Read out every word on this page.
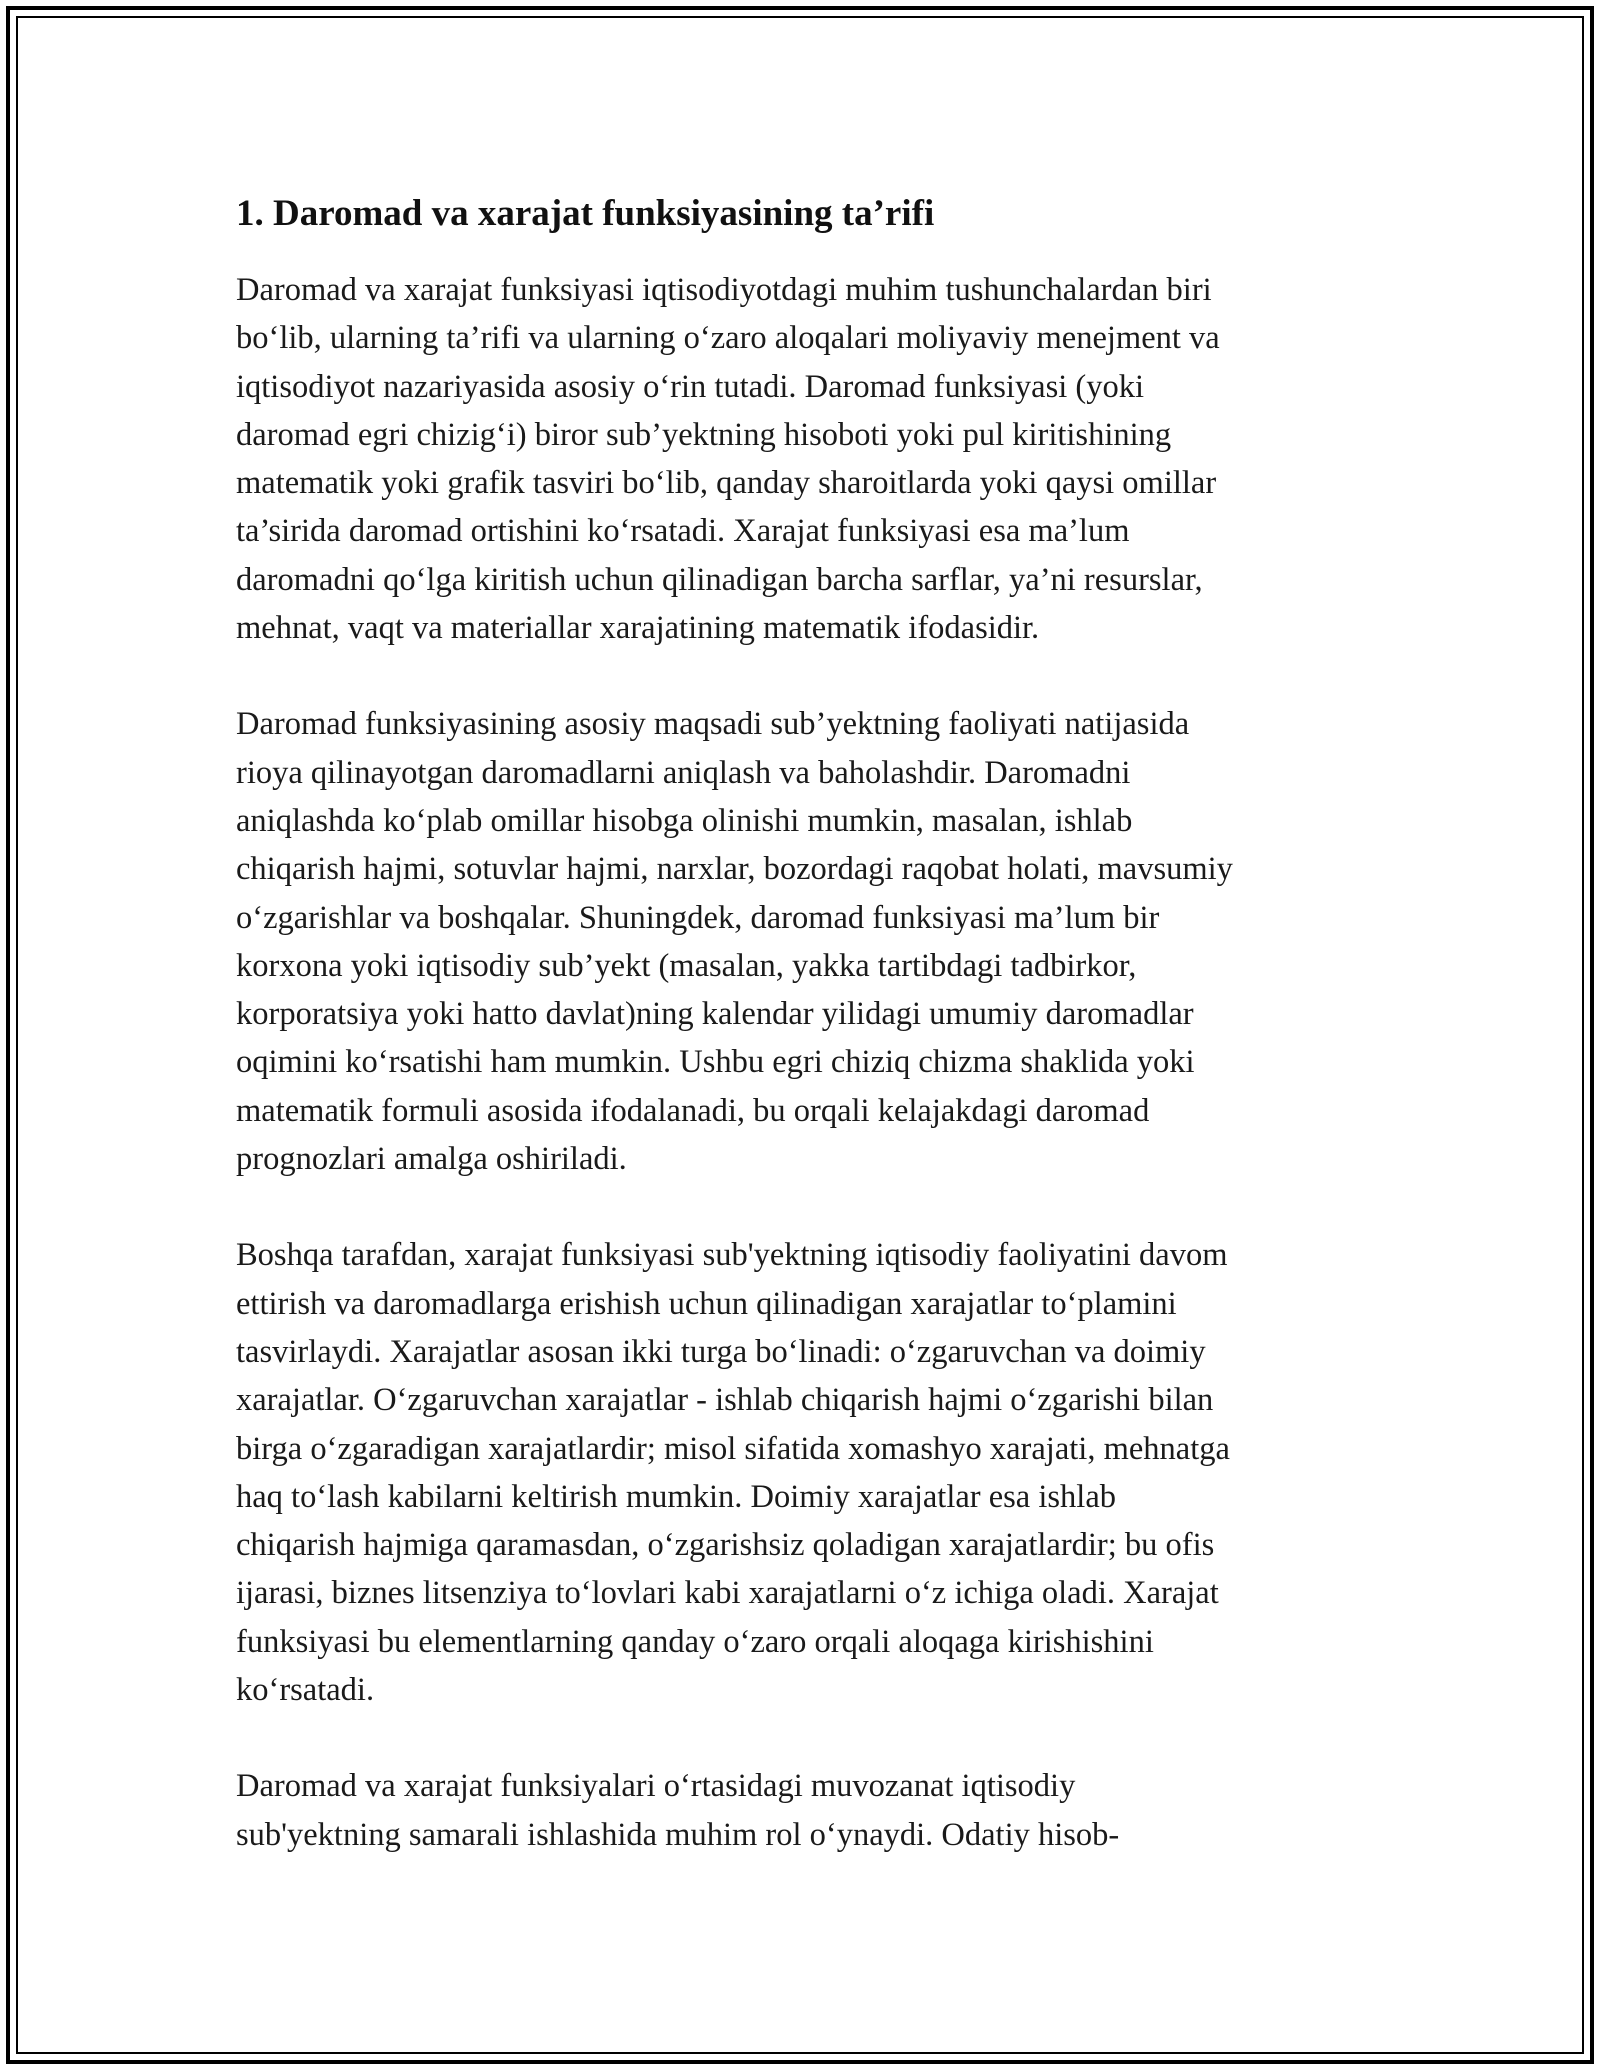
1. Daromad va xarajat funksiyasining ta’rifi
Daromad va xarajat funksiyasi iqtisodiyotdagi muhim tushunchalardan biri
bo‘lib, ularning ta’rifi va ularning o‘zaro aloqalari moliyaviy menejment va
iqtisodiyot nazariyasida asosiy o‘rin tutadi. Daromad funksiyasi (yoki
daromad egri chizig‘i) biror sub’yektning hisoboti yoki pul kiritishining
matematik yoki grafik tasviri bo‘lib, qanday sharoitlarda yoki qaysi omillar
ta’sirida daromad ortishini ko‘rsatadi. Xarajat funksiyasi esa ma’lum
daromadni qo‘lga kiritish uchun qilinadigan barcha sarflar, ya’ni resurslar,
mehnat, vaqt va materiallar xarajatining matematik ifodasidir.
Daromad funksiyasining asosiy maqsadi sub’yektning faoliyati natijasida
rioya qilinayotgan daromadlarni aniqlash va baholashdir. Daromadni
aniqlashda ko‘plab omillar hisobga olinishi mumkin, masalan, ishlab
chiqarish hajmi, sotuvlar hajmi, narxlar, bozordagi raqobat holati, mavsumiy
o‘zgarishlar va boshqalar. Shuningdek, daromad funksiyasi ma’lum bir
korxona yoki iqtisodiy sub’yekt (masalan, yakka tartibdagi tadbirkor,
korporatsiya yoki hatto davlat)ning kalendar yilidagi umumiy daromadlar
oqimini ko‘rsatishi ham mumkin. Ushbu egri chiziq chizma shaklida yoki
matematik formuli asosida ifodalanadi, bu orqali kelajakdagi daromad
prognozlari amalga oshiriladi.
Boshqa tarafdan, xarajat funksiyasi sub'yektning iqtisodiy faoliyatini davom
ettirish va daromadlarga erishish uchun qilinadigan xarajatlar to‘plamini
tasvirlaydi. Xarajatlar asosan ikki turga bo‘linadi: o‘zgaruvchan va doimiy
xarajatlar. O‘zgaruvchan xarajatlar - ishlab chiqarish hajmi o‘zgarishi bilan
birga o‘zgaradigan xarajatlardir; misol sifatida xomashyo xarajati, mehnatga
haq to‘lash kabilarni keltirish mumkin. Doimiy xarajatlar esa ishlab
chiqarish hajmiga qaramasdan, o‘zgarishsiz qoladigan xarajatlardir; bu ofis
ijarasi, biznes litsenziya to‘lovlari kabi xarajatlarni o‘z ichiga oladi. Xarajat
funksiyasi bu elementlarning qanday o‘zaro orqali aloqaga kirishishini
ko‘rsatadi.
Daromad va xarajat funksiyalari o‘rtasidagi muvozanat iqtisodiy
sub'yektning samarali ishlashida muhim rol o‘ynaydi. Odatiy hisob-
